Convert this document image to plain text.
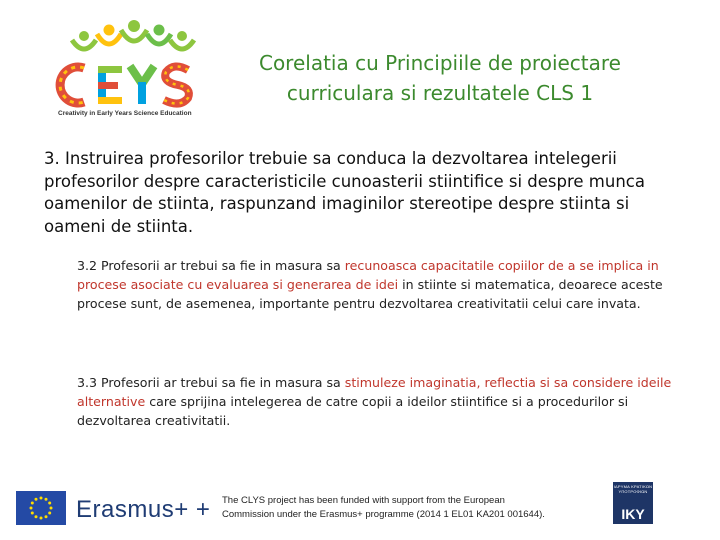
Creativity in Early Years Science Education
Corelatia cu Principiile de proiectare
curriculara si rezultatele CLS 1
3. Instruirea profesorilor trebuie sa conduca la dezvoltarea intelegerii profesorilor despre caracteristicile cunoasterii stiintifice si despre munca oamenilor de stiinta, raspunzand imaginilor stereotipe despre stiinta si oameni de stiinta.
3.2 Profesorii ar trebui sa fie in masura sa recunoasca capacitatile copiilor de a se implica in procese asociate cu evaluarea si generarea de idei in stiinte si matematica, deoarece aceste procese sunt, de asemenea, importante pentru dezvoltarea creativitatii celui care invata.
3.3 Profesorii ar trebui sa fie in masura sa stimuleze imaginatia, reflectia si sa considere ideile alternative care sprijina intelegerea de catre copii a ideilor stiintifice si a procedurilor si dezvoltarea creativitatii.
Erasmus+ + The CLYS project has been funded with support from the European
Commission under the Erasmus+ programme (2014 1 EL01 KA201 001644).
ΙΔΡΥΜΑ ΚΡΑΤΙΚΩΝ ΥΠΟΤΡΟΦΙΩΝ
IKY
